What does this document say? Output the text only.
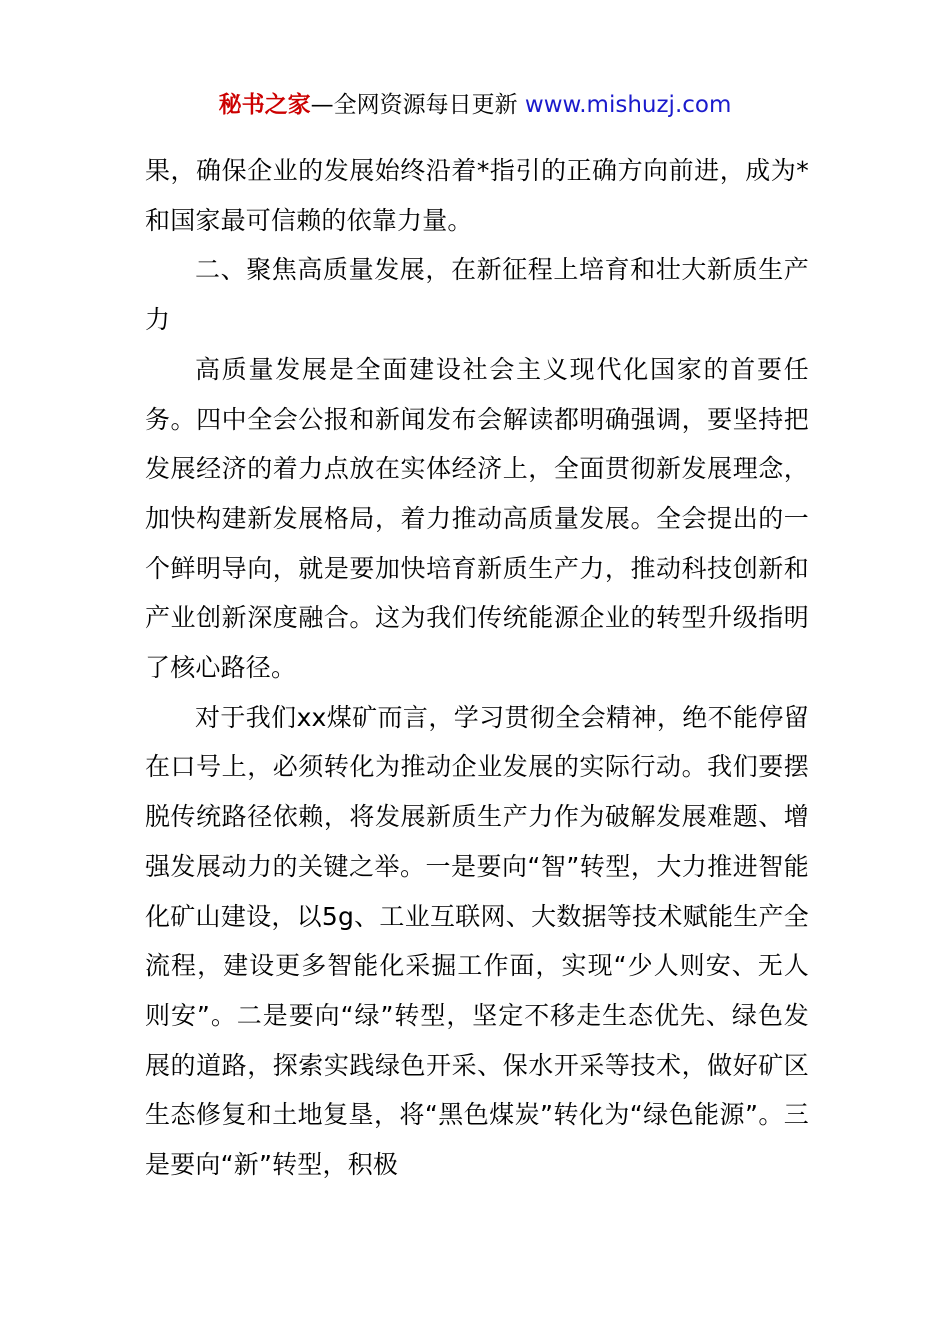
秘书之家—全网资源每日更新 www.mishuzj.com

果，确保企业的发展始终沿着*指引的正确方向前进，成为*和国家最可信赖的依靠力量。

二、聚焦高质量发展，在新征程上培育和壮大新质生产力

高质量发展是全面建设社会主义现代化国家的首要任务。四中全会公报和新闻发布会解读都明确强调，要坚持把发展经济的着力点放在实体经济上，全面贯彻新发展理念，加快构建新发展格局，着力推动高质量发展。全会提出的一个鲜明导向，就是要加快培育新质生产力，推动科技创新和产业创新深度融合。这为我们传统能源企业的转型升级指明了核心路径。

对于我们xx煤矿而言，学习贯彻全会精神，绝不能停留在口号上，必须转化为推动企业发展的实际行动。我们要摆脱传统路径依赖，将发展新质生产力作为破解发展难题、增强发展动力的关键之举。一是要向“智”转型，大力推进智能化矿山建设，以5g、工业互联网、大数据等技术赋能生产全流程，建设更多智能化采掘工作面，实现“少人则安、无人则安”。二是要向“绿”转型，坚定不移走生态优先、绿色发展的道路，探索实践绿色开采、保水开采等技术，做好矿区生态修复和土地复垦，将“黑色煤炭”转化为“绿色能源”。三是要向“新”转型，积极
